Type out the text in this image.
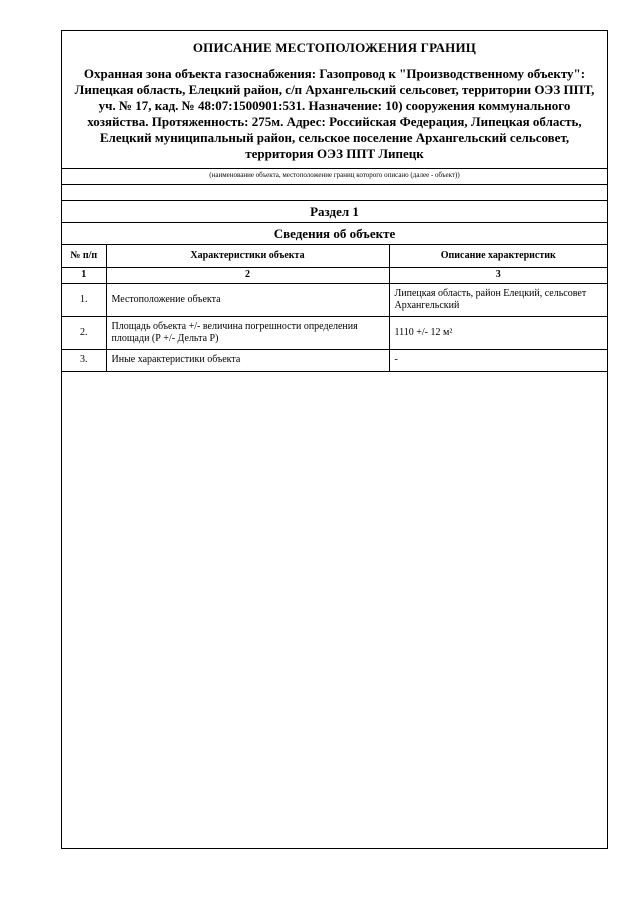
ОПИСАНИЕ МЕСТОПОЛОЖЕНИЯ ГРАНИЦ
Охранная зона объекта газоснабжения: Газопровод к "Производственному объекту": Липецкая область, Елецкий район, с/п Архангельский сельсовет, территории ОЭЗ ППТ, уч. № 17, кад. № 48:07:1500901:531. Назначение: 10) сооружения коммунального хозяйства. Протяженность: 275м. Адрес: Российская Федерация, Липецкая область, Елецкий муниципальный район, сельское поселение Архангельский сельсовет, территория ОЭЗ ППТ Липецк
(наименование объекта, местоположение границ которого описано (далее - объект))
Раздел 1
Сведения об объекте
№ п/п	Характеристики объекта	Описание характеристик
1	2	3
1.	Местоположение объекта	Липецкая область, район Елецкий, сельсовет Архангельский
2.	Площадь объекта +/- величина погрешности определения площади (Р +/- Дельта Р)	1110 +/- 12 м²
3.	Иные характеристики объекта	-
